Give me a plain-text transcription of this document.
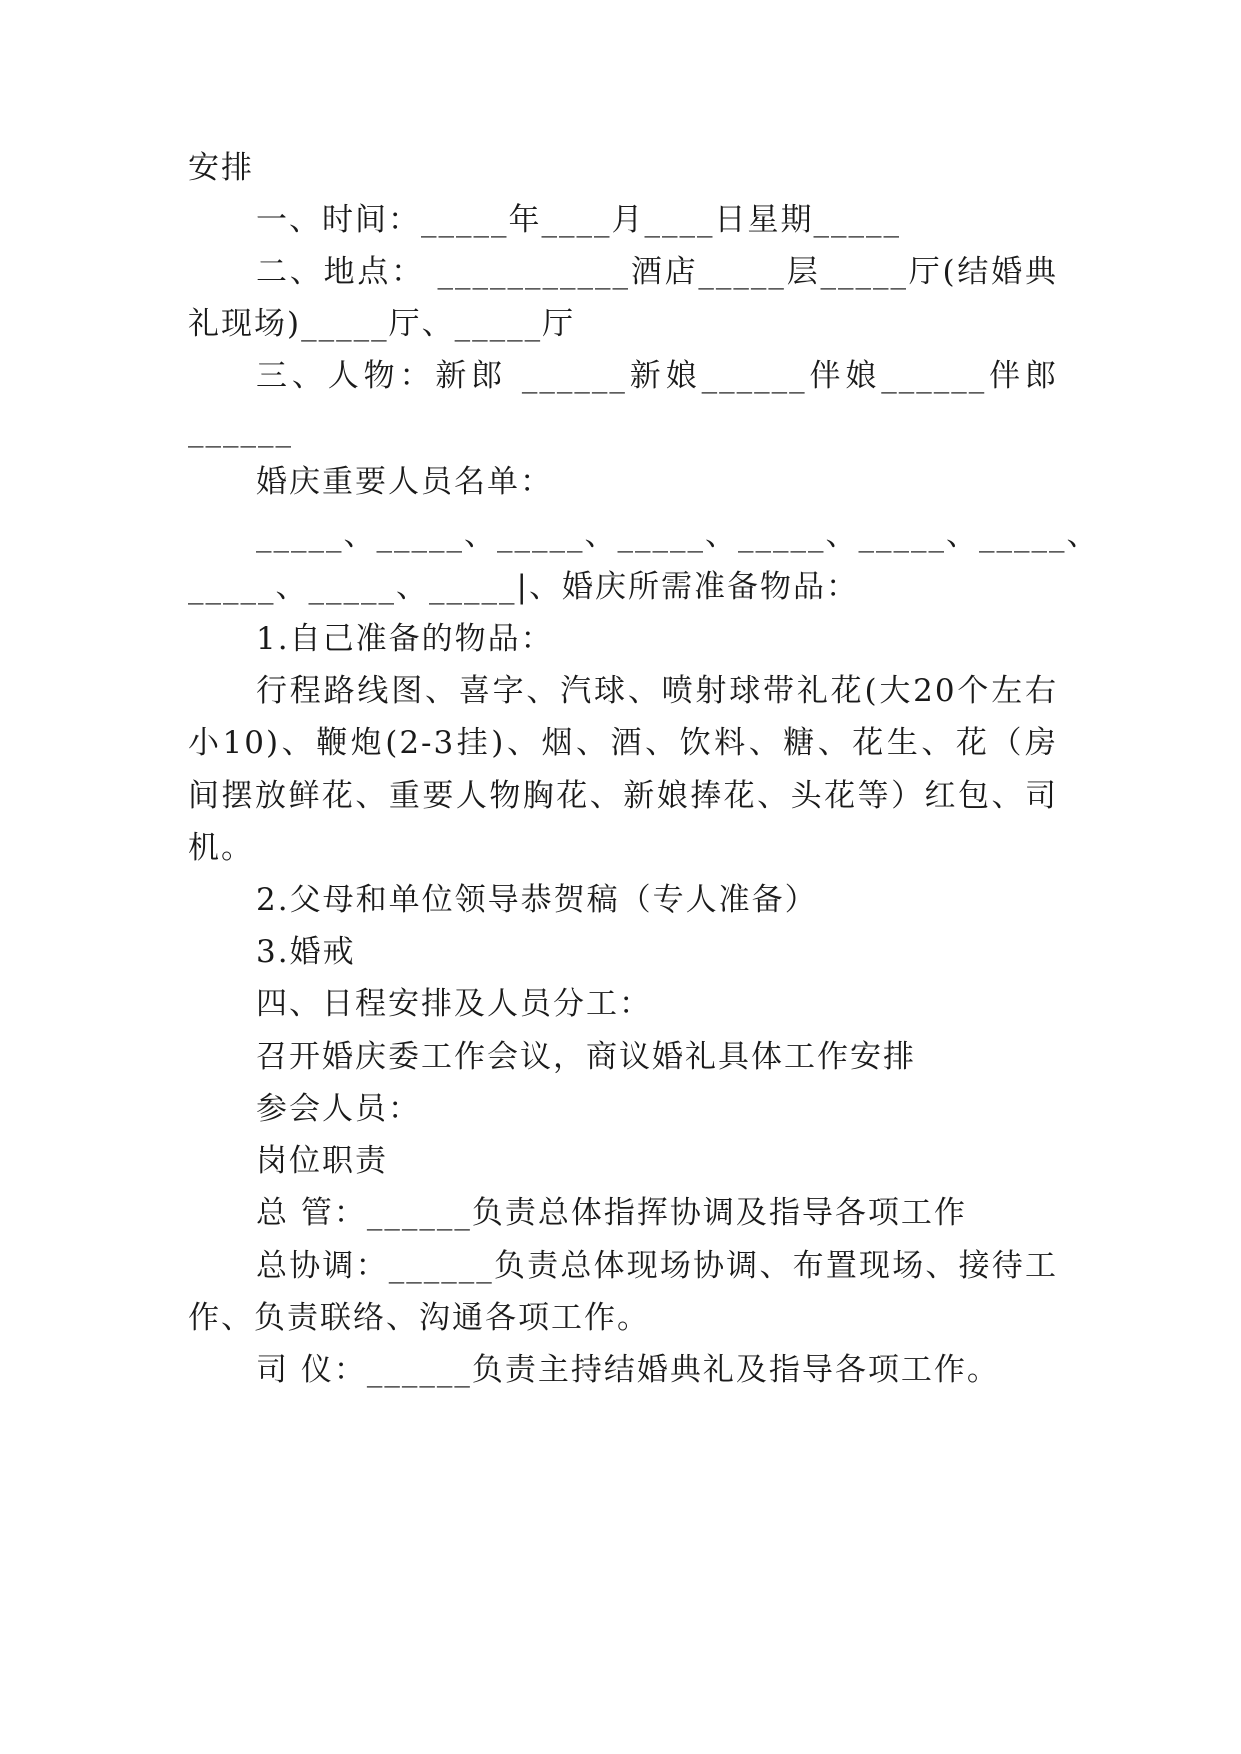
安排
一、时间：_____年____月____日星期_____
二、地点： ___________酒店_____层_____厅(结婚典
礼现场)_____厅、_____厅
三、人物：新郎 ______新娘______伴娘______伴郎
______
婚庆重要人员名单：
_____、_____、_____、_____、_____、_____、_____、
_____、_____、_____|、婚庆所需准备物品：
1.自己准备的物品：
行程路线图、喜字、汽球、喷射球带礼花(大20个左右
小10)、鞭炮(2-3挂)、烟、酒、饮料、糖、花生、花（房
间摆放鲜花、重要人物胸花、新娘捧花、头花等）红包、司
机。
2.父母和单位领导恭贺稿（专人准备）
3.婚戒
四、日程安排及人员分工：
召开婚庆委工作会议，商议婚礼具体工作安排
参会人员：
岗位职责
总 管：______负责总体指挥协调及指导各项工作
总协调：______负责总体现场协调、布置现场、接待工
作、负责联络、沟通各项工作。
司 仪：______负责主持结婚典礼及指导各项工作。
